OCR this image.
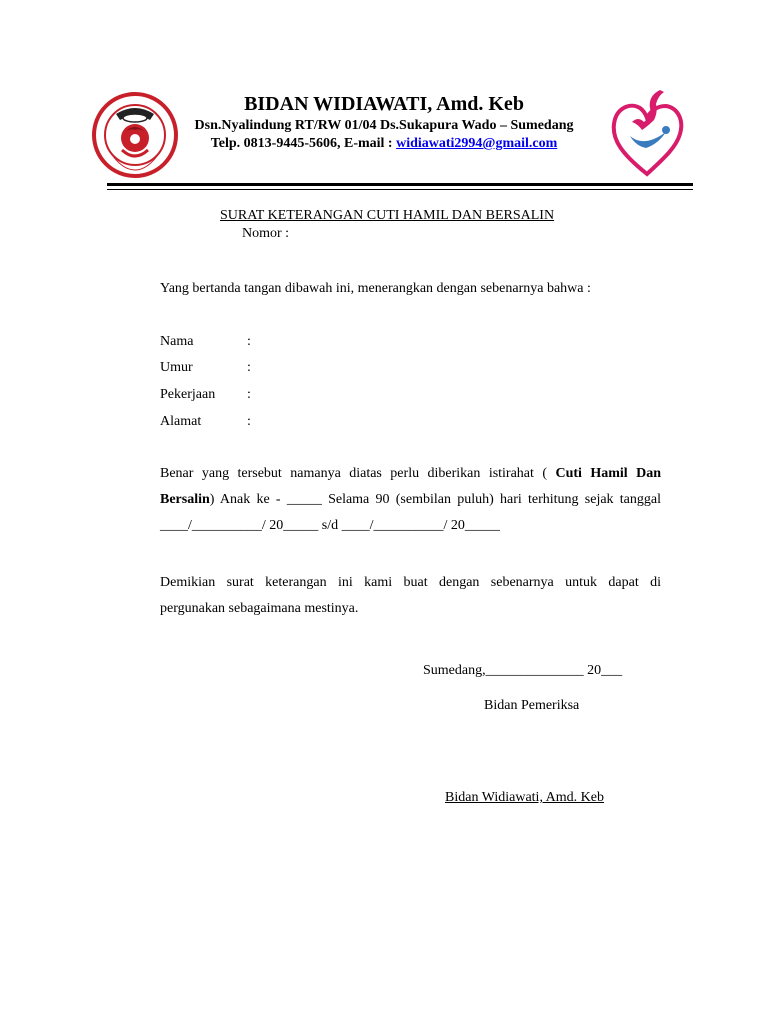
BIDAN WIDIAWATI, Amd. Keb
Dsn.Nyalindung RT/RW 01/04 Ds.Sukapura Wado – Sumedang
Telp. 0813-9445-5606, E-mail : widiawati2994@gmail.com
SURAT KETERANGAN CUTI HAMIL DAN BERSALIN
Nomor :
Yang bertanda tangan dibawah ini, menerangkan dengan sebenarnya bahwa :
Nama	:
Umur	:
Pekerjaan :
Alamat	:
Benar yang tersebut namanya diatas perlu diberikan istirahat ( Cuti Hamil Dan
Bersalin) Anak ke - _____ Selama 90 (sembilan puluh) hari terhitung sejak tanggal
____/__________/ 20_____ s/d ____/__________/ 20_____
Demikian surat keterangan ini kami buat dengan sebenarnya untuk dapat di
pergunakan sebagaimana mestinya.
Sumedang,______________ 20___
Bidan Pemeriksa
Bidan Widiawati, Amd. Keb
